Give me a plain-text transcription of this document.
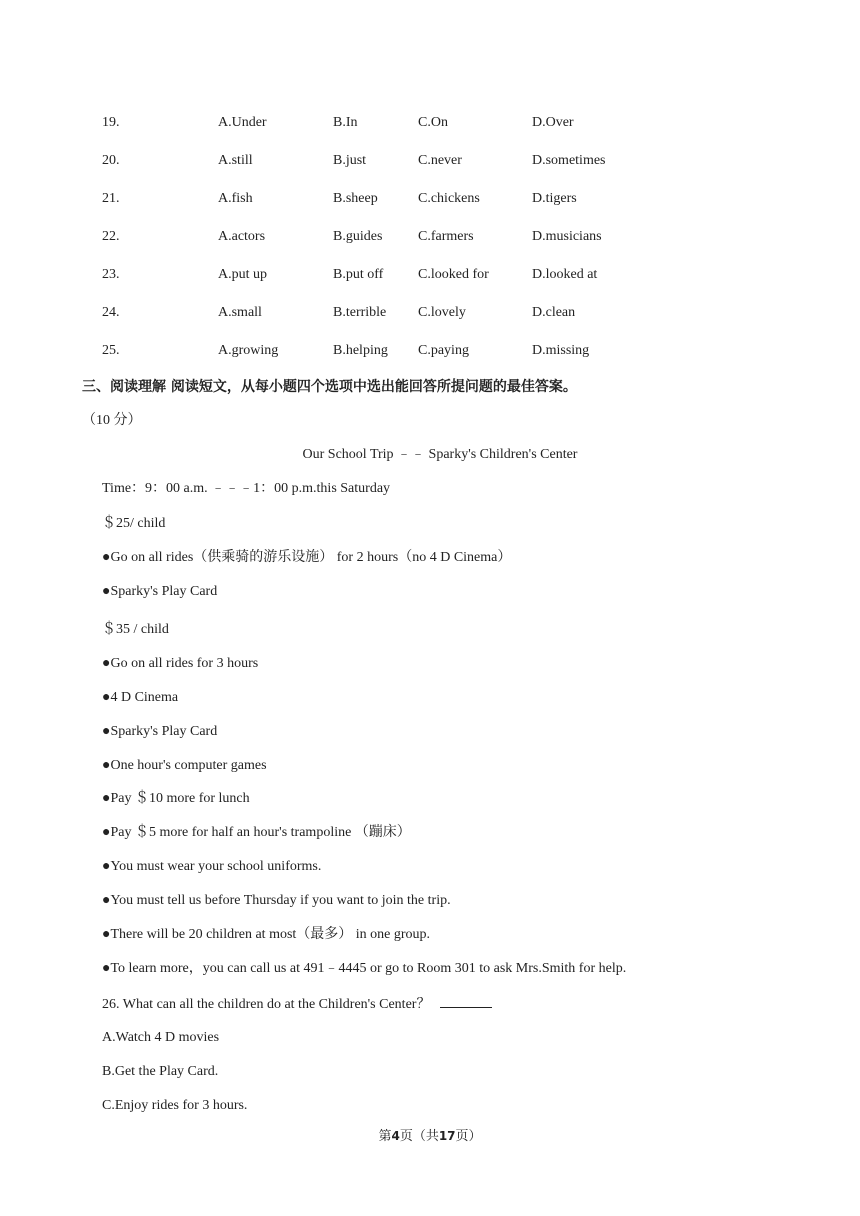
19.	A.Under	B.In	C.On	D.Over
20.	A.still	B.just	C.never	D.sometimes
21.	A.fish	B.sheep	C.chickens	D.tigers
22.	A.actors	B.guides	C.farmers	D.musicians
23.	A.put up	B.put off C.looked for	D.looked at
24.	A.small	B.terrible C.lovely	D.clean
25.	A.growing	B.helping C.paying	D.missing
三、阅读理解 阅读短文，从每小题四个选项中选出能回答所提问题的最佳答案。
（10 分）
Our School Trip ﹣﹣ Sparky's Children's Center
Time：9：00 a.m. ﹣﹣﹣1：00 p.m.this Saturday
＄25/ child
●Go on all rides（供乘骑的游乐设施） for 2 hours（no 4 D Cinema）
●Sparky's Play Card
＄35 / child
●Go on all rides for 3 hours
●4 D Cinema
●Sparky's Play Card
●One hour's computer games
●Pay ＄10 more for lunch
●Pay ＄5 more for half an hour's trampoline （蹦床）
●You must wear your school uniforms.
●You must tell us before Thursday if you want to join the trip.
●There will be 20 children at most（最多） in one group.
●To learn more，you can call us at 491﹣4445 or go to Room 301 to ask Mrs.Smith for help.
26. What can all the children do at the Children's Center？
A.Watch 4 D movies
B.Get the Play Card.
C.Enjoy rides for 3 hours.
第4页（共17页）
